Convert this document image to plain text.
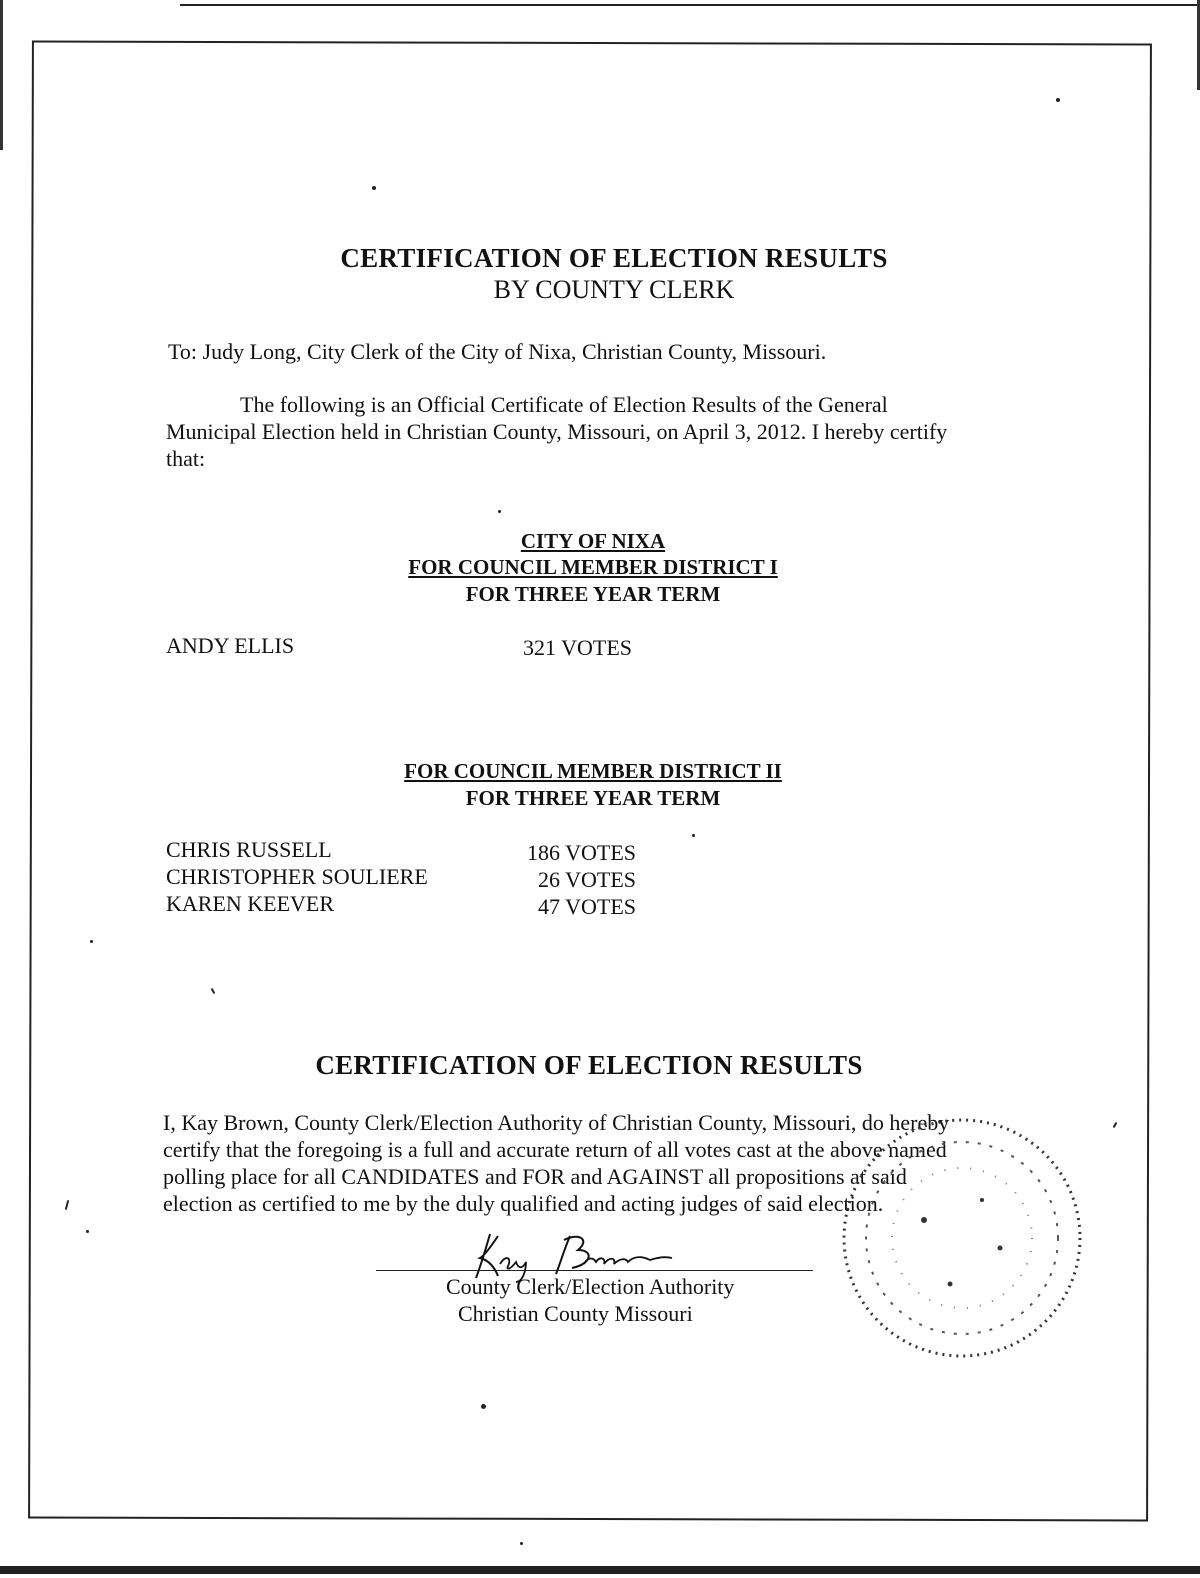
CERTIFICATION OF ELECTION RESULTS
BY COUNTY CLERK
To: Judy Long, City Clerk of the City of Nixa, Christian County, Missouri.
The following is an Official Certificate of Election Results of the General
Municipal Election held in Christian County, Missouri, on April 3, 2012. I hereby certify
that:
CITY OF NIXA
FOR COUNCIL MEMBER DISTRICT I
FOR THREE YEAR TERM
ANDY ELLIS	321 VOTES
FOR COUNCIL MEMBER DISTRICT II
FOR THREE YEAR TERM
CHRIS RUSSELL	186 VOTES
CHRISTOPHER SOULIERE	26 VOTES
KAREN KEEVER	47 VOTES
CERTIFICATION OF ELECTION RESULTS
I, Kay Brown, County Clerk/Election Authority of Christian County, Missouri, do hereby
certify that the foregoing is a full and accurate return of all votes cast at the above named
polling place for all CANDIDATES and FOR and AGAINST all propositions at said
election as certified to me by the duly qualified and acting judges of said election.
County Clerk/Election Authority
Christian County Missouri
